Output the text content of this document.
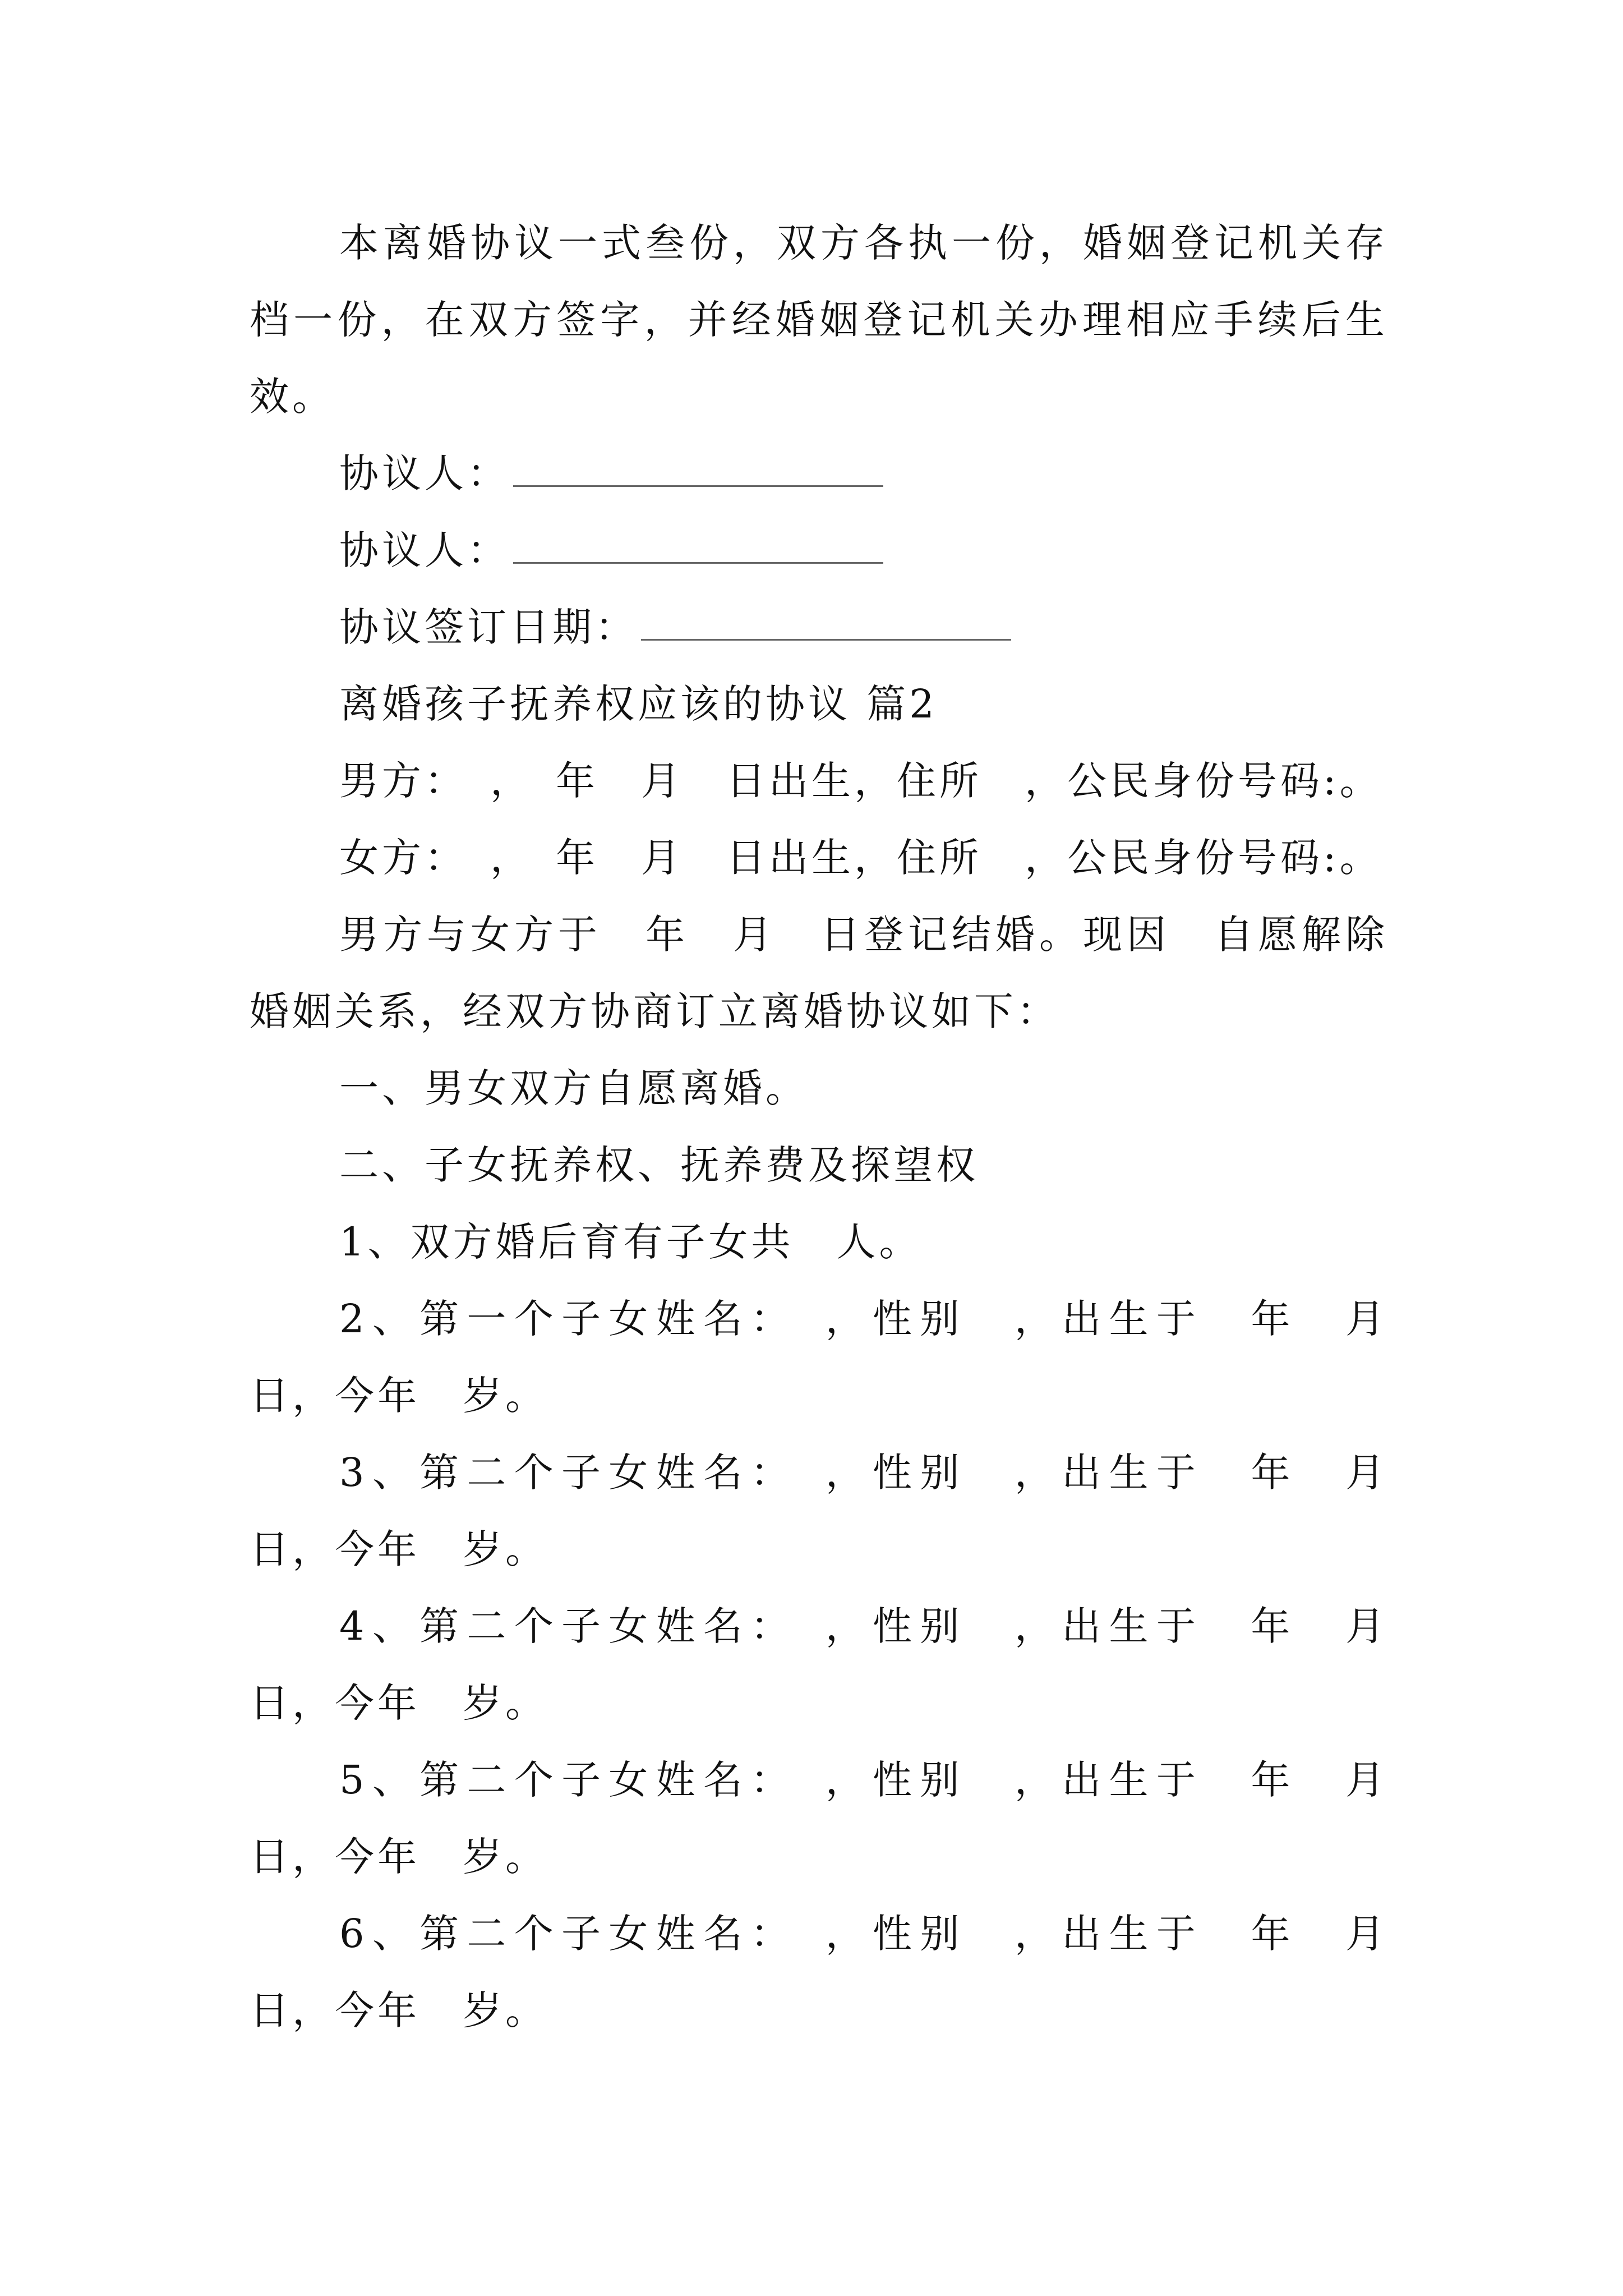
本离婚协议一式叁份，双方各执一份，婚姻登记机关存档一份，在双方签字，并经婚姻登记机关办理相应手续后生效。

协议人：

协议人：

协议签订日期：

离婚孩子抚养权应该的协议 篇2

男方：　，　年　月　日出生，住所　，公民身份号码:。

女方：　，　年　月　日出生，住所　，公民身份号码:。

男方与女方于　年　月　日登记结婚。现因　自愿解除婚姻关系，经双方协商订立离婚协议如下：

一、男女双方自愿离婚。

二、子女抚养权、抚养费及探望权

1、双方婚后育有子女共　人。

2、第一个子女姓名：　，性别　，出生于　年　月　日，今年　岁。

3、第二个子女姓名：　，性别　，出生于　年　月　日，今年　岁。

4、第二个子女姓名：　，性别　，出生于　年　月　日，今年　岁。

5、第二个子女姓名：　，性别　，出生于　年　月　日，今年　岁。

6、第二个子女姓名：　，性别　，出生于　年　月　日，今年　岁。
